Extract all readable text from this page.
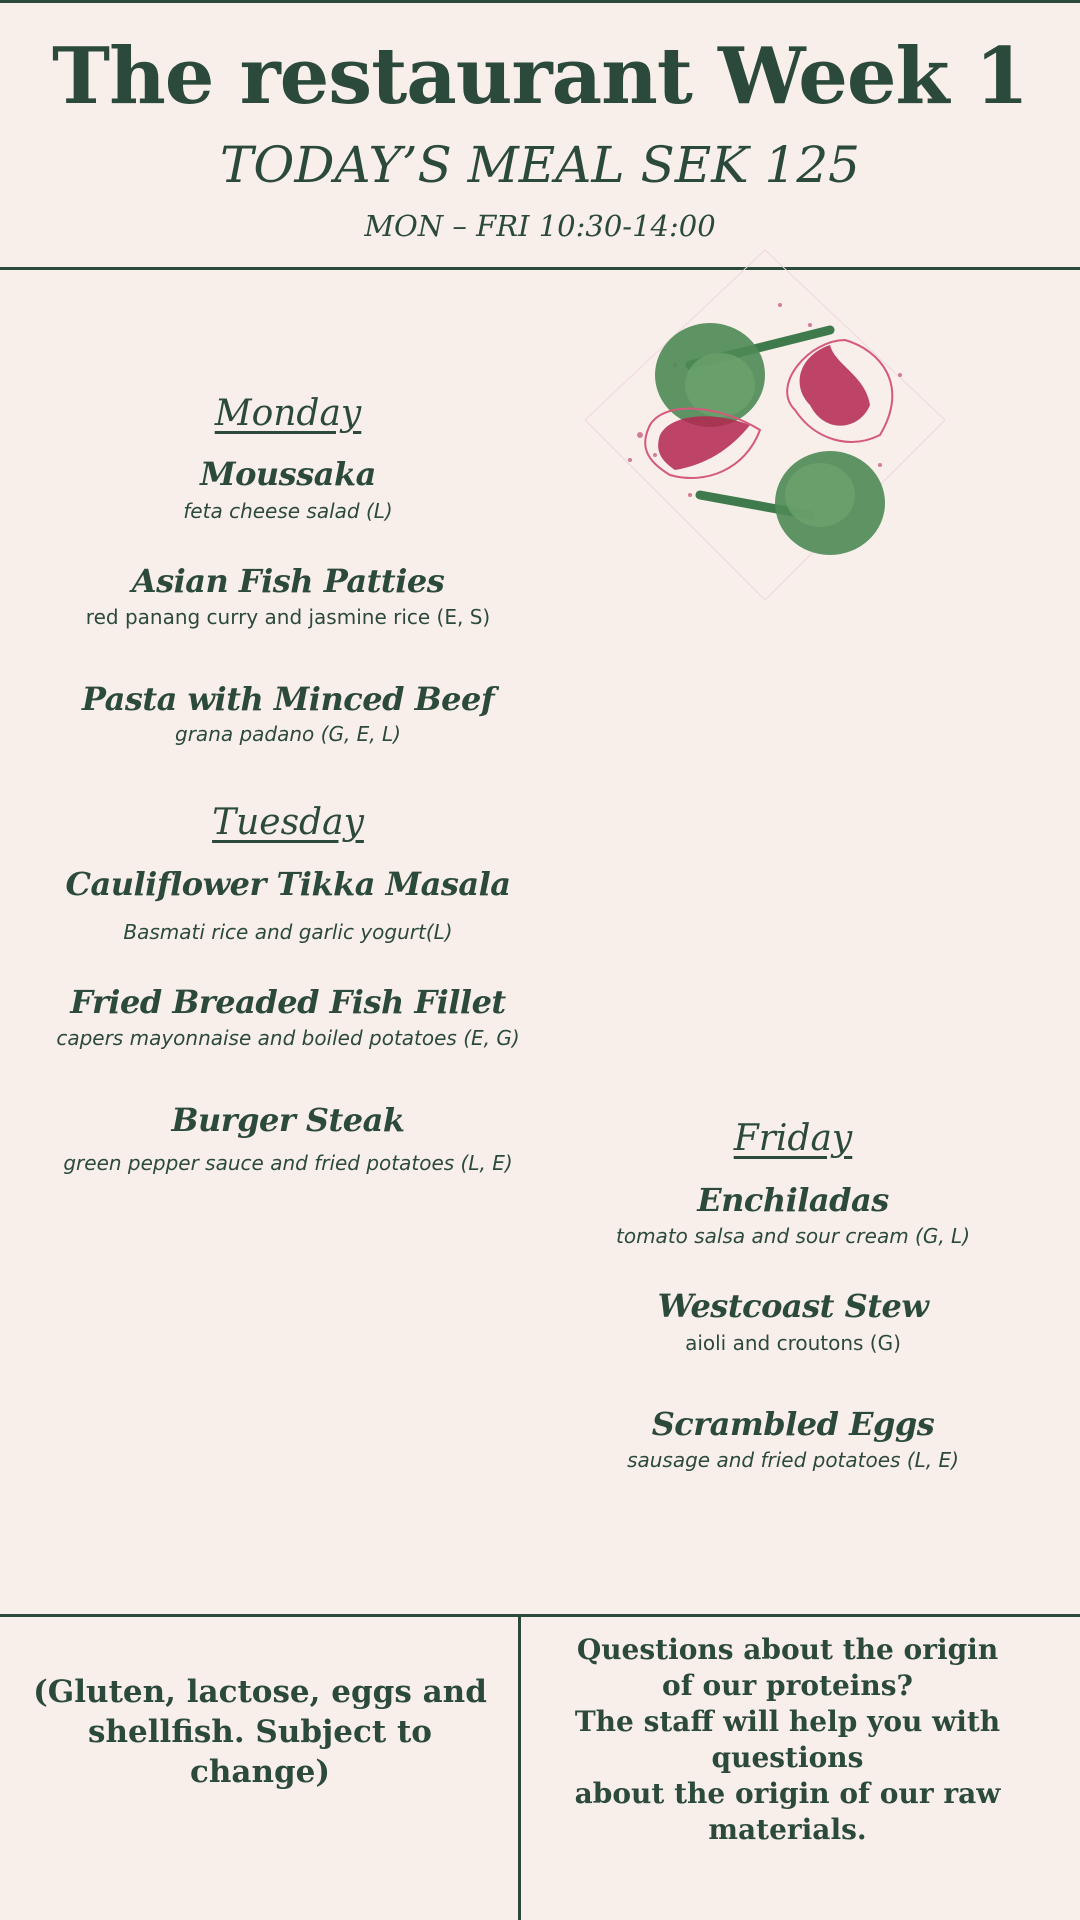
The restaurant Week 1
TODAY’S MEAL SEK 125
MON – FRI 10:30-14:00
Monday
Moussaka
feta cheese salad (L)
Asian Fish Patties
red panang curry and jasmine rice (E, S)
Pasta with Minced Beef
grana padano (G, E, L)
Tuesday
Cauliflower Tikka Masala
Basmati rice and garlic yogurt(L)
Fried Breaded Fish Fillet
capers mayonnaise and boiled potatoes (E, G)
Burger Steak
green pepper sauce and fried potatoes (L, E)
Friday
Enchiladas
tomato salsa and sour cream (G, L)
Westcoast Stew
aioli and croutons (G)
Scrambled Eggs
sausage and fried potatoes (L, E)
(Gluten, lactose, eggs and shellfish. Subject to change)
Questions about the origin
of our proteins?
The staff will help you with questions
about the origin of our raw materials.
